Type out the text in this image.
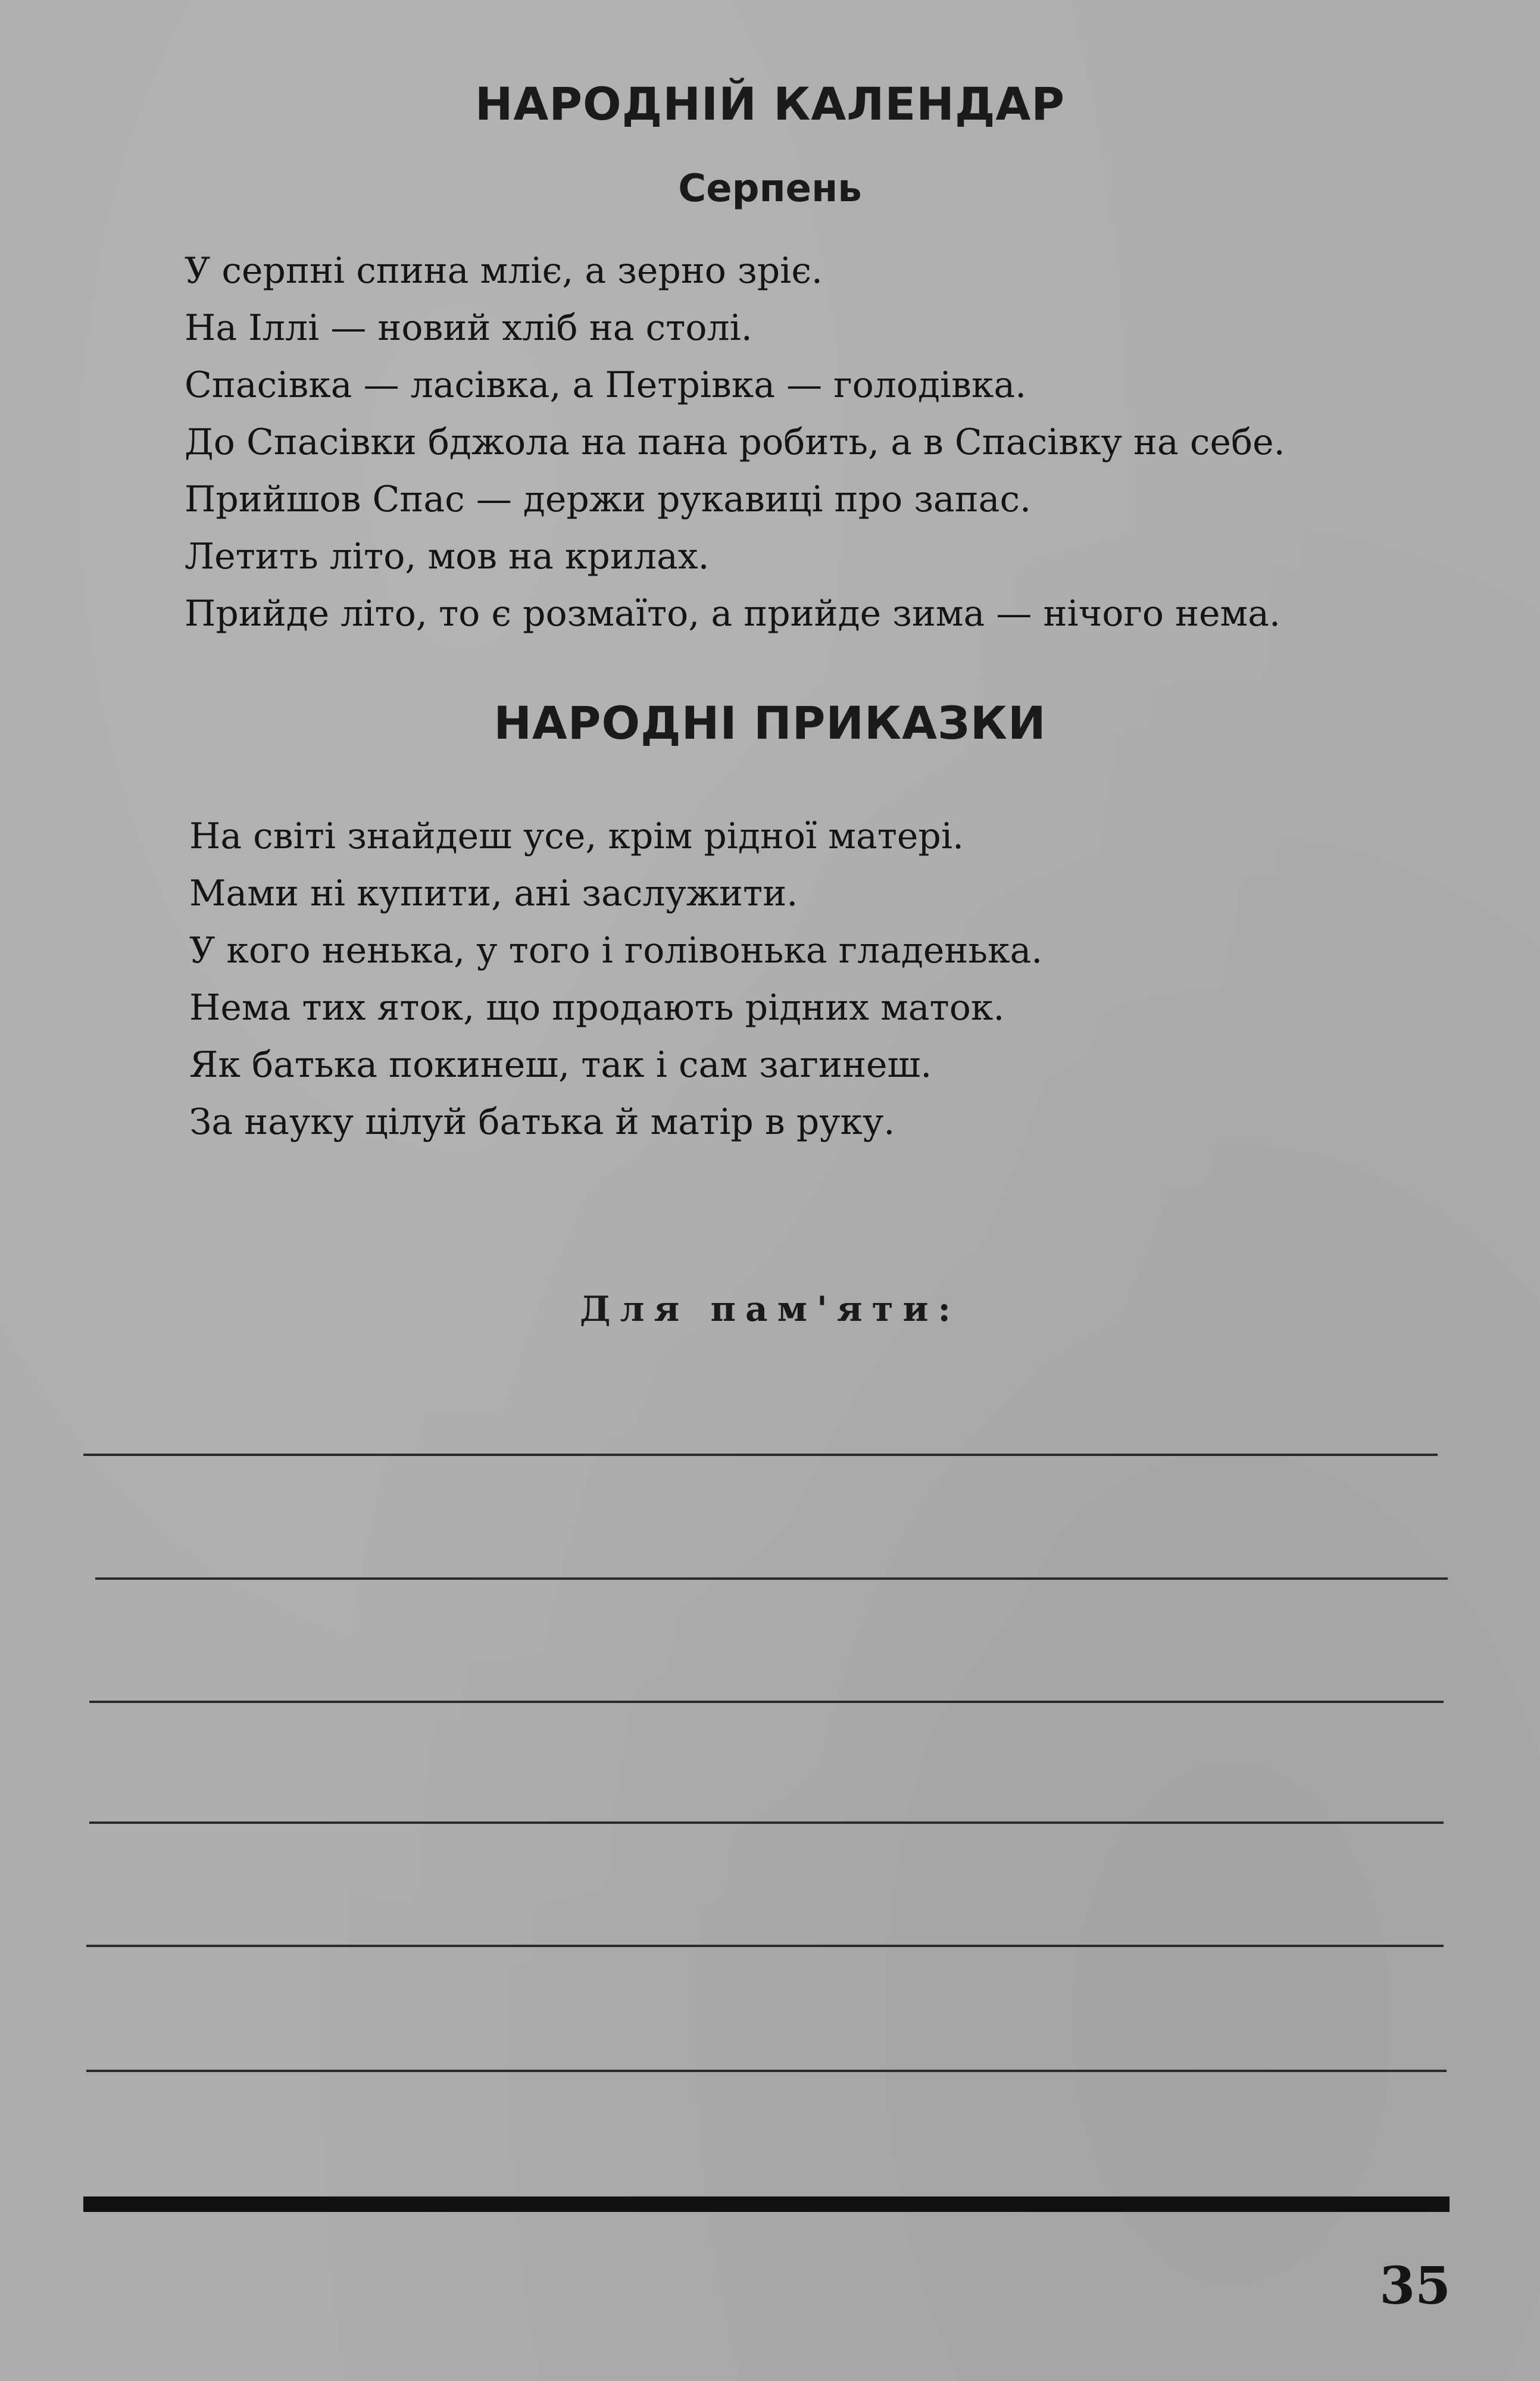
НАРОДНІЙ КАЛЕНДАР
Серпень
У серпні спина мліє, а зерно зріє.
На Іллі — новий хліб на столі.
Спасівка — ласівка, а Петрівка — голодівка.
До Спасівки бджола на пана робить, а в Спасівку на себе.
Прийшов Спас — держи рукавиці про запас.
Летить літо, мов на крилах.
Прийде літо, то є розмаїто, а прийде зима — нічого нема.
НАРОДНІ ПРИКАЗКИ
На світі знайдеш усе, крім рідної матері.
Мами ні купити, ані заслужити.
У кого ненька, у того і голівонька гладенька.
Нема тих яток, що продають рідних маток.
Як батька покинеш, так і сам загинеш.
За науку цілуй батька й матір в руку.
Для пам'яти:
35
